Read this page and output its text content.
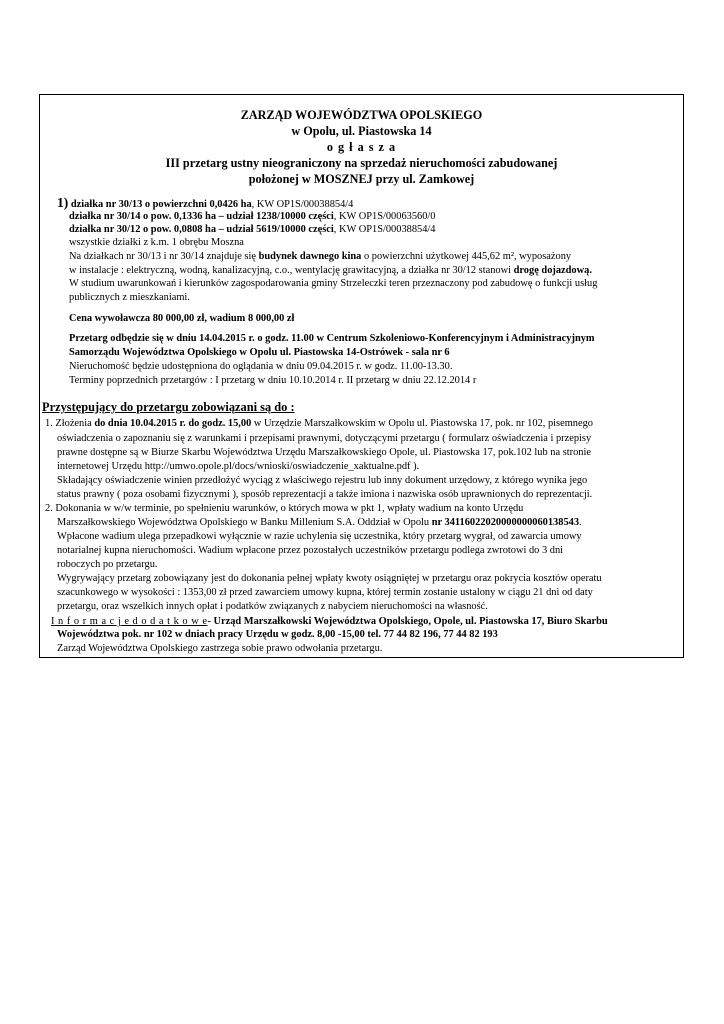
ZARZĄD WOJEWÓDZTWA OPOLSKIEGO
w Opolu, ul. Piastowska 14
o g ł a s z a
III przetarg ustny nieograniczony na sprzedaż nieruchomości zabudowanej
położonej w MOSZNEJ przy ul. Zamkowej
1) działka nr 30/13 o powierzchni 0,0426 ha, KW OP1S/00038854/4
działka nr 30/14 o pow. 0,1336 ha – udział 1238/10000 części, KW OP1S/00063560/0
działka nr 30/12 o pow. 0,0808 ha – udział 5619/10000 części, KW OP1S/00038854/4
wszystkie działki z k.m. 1 obrębu Moszna
Na działkach nr 30/13 i nr 30/14 znajduje się budynek dawnego kina o powierzchni użytkowej 445,62 m², wyposażony
w instalacje : elektryczną, wodną, kanalizacyjną, c.o., wentylację grawitacyjną, a działka nr 30/12 stanowi drogę dojazdową.
W studium uwarunkowań i kierunków zagospodarowania gminy Strzeleczki teren przeznaczony pod zabudowę o funkcji usług
publicznych z mieszkaniami.
Cena wywoławcza 80 000,00 zł, wadium 8 000,00 zł
Przetarg odbędzie się w dniu 14.04.2015 r. o godz. 11.00 w Centrum Szkoleniowo-Konferencyjnym i Administracyjnym
Samorządu Województwa Opolskiego w Opolu ul. Piastowska 14-Ostrówek - sala nr 6
Nieruchomość będzie udostępniona do oglądania w dniu 09.04.2015 r. w godz. 11.00-13.30.
Terminy poprzednich przetargów : I przetarg w dniu 10.10.2014 r. II przetarg w dniu 22.12.2014 r
Przystępujący do przetargu zobowiązani są do :
1. Złożenia do dnia 10.04.2015 r. do godz. 15,00 w Urzędzie Marszałkowskim w Opolu ul. Piastowska 17, pok. nr 102, pisemnego
oświadczenia o zapoznaniu się z warunkami i przepisami prawnymi, dotyczącymi przetargu ( formularz oświadczenia i przepisy
prawne dostępne są w Biurze Skarbu Województwa Urzędu Marszałkowskiego Opole, ul. Piastowska 17, pok.102 lub na stronie
internetowej Urzędu http://umwo.opole.pl/docs/wnioski/oswiadczenie_xaktualne.pdf ).
Składający oświadczenie winien przedłożyć wyciąg z właściwego rejestru lub inny dokument urzędowy, z którego wynika jego
status prawny ( poza osobami fizycznymi ), sposób reprezentacji a także imiona i nazwiska osób uprawnionych do reprezentacji.
2. Dokonania w w/w terminie, po spełnieniu warunków, o których mowa w pkt 1, wpłaty wadium na konto Urzędu
Marszałkowskiego Województwa Opolskiego w Banku Millenium S.A. Oddział w Opolu nr 34116022020000000060138543.
Wpłacone wadium ulega przepadkowi wyłącznie w razie uchylenia się uczestnika, który przetarg wygrał, od zawarcia umowy
notarialnej kupna nieruchomości. Wadium wpłacone przez pozostałych uczestników przetargu podlega zwrotowi do 3 dni
roboczych po przetargu.
Wygrywający przetarg zobowiązany jest do dokonania pełnej wpłaty kwoty osiągniętej w przetargu oraz pokrycia kosztów operatu
szacunkowego w wysokości : 1353,00 zł przed zawarciem umowy kupna, której termin zostanie ustalony w ciągu 21 dni od daty
przetargu, oraz wszelkich innych opłat i podatków związanych z nabyciem nieruchomości na własność.
I n f o r m a c j e d o d a t k o w e- Urząd Marszałkowski Województwa Opolskiego, Opole, ul. Piastowska 17, Biuro Skarbu
Województwa pok. nr 102 w dniach pracy Urzędu w godz. 8,00 -15,00 tel. 77 44 82 196, 77 44 82 193
Zarząd Województwa Opolskiego zastrzega sobie prawo odwołania przetargu.
